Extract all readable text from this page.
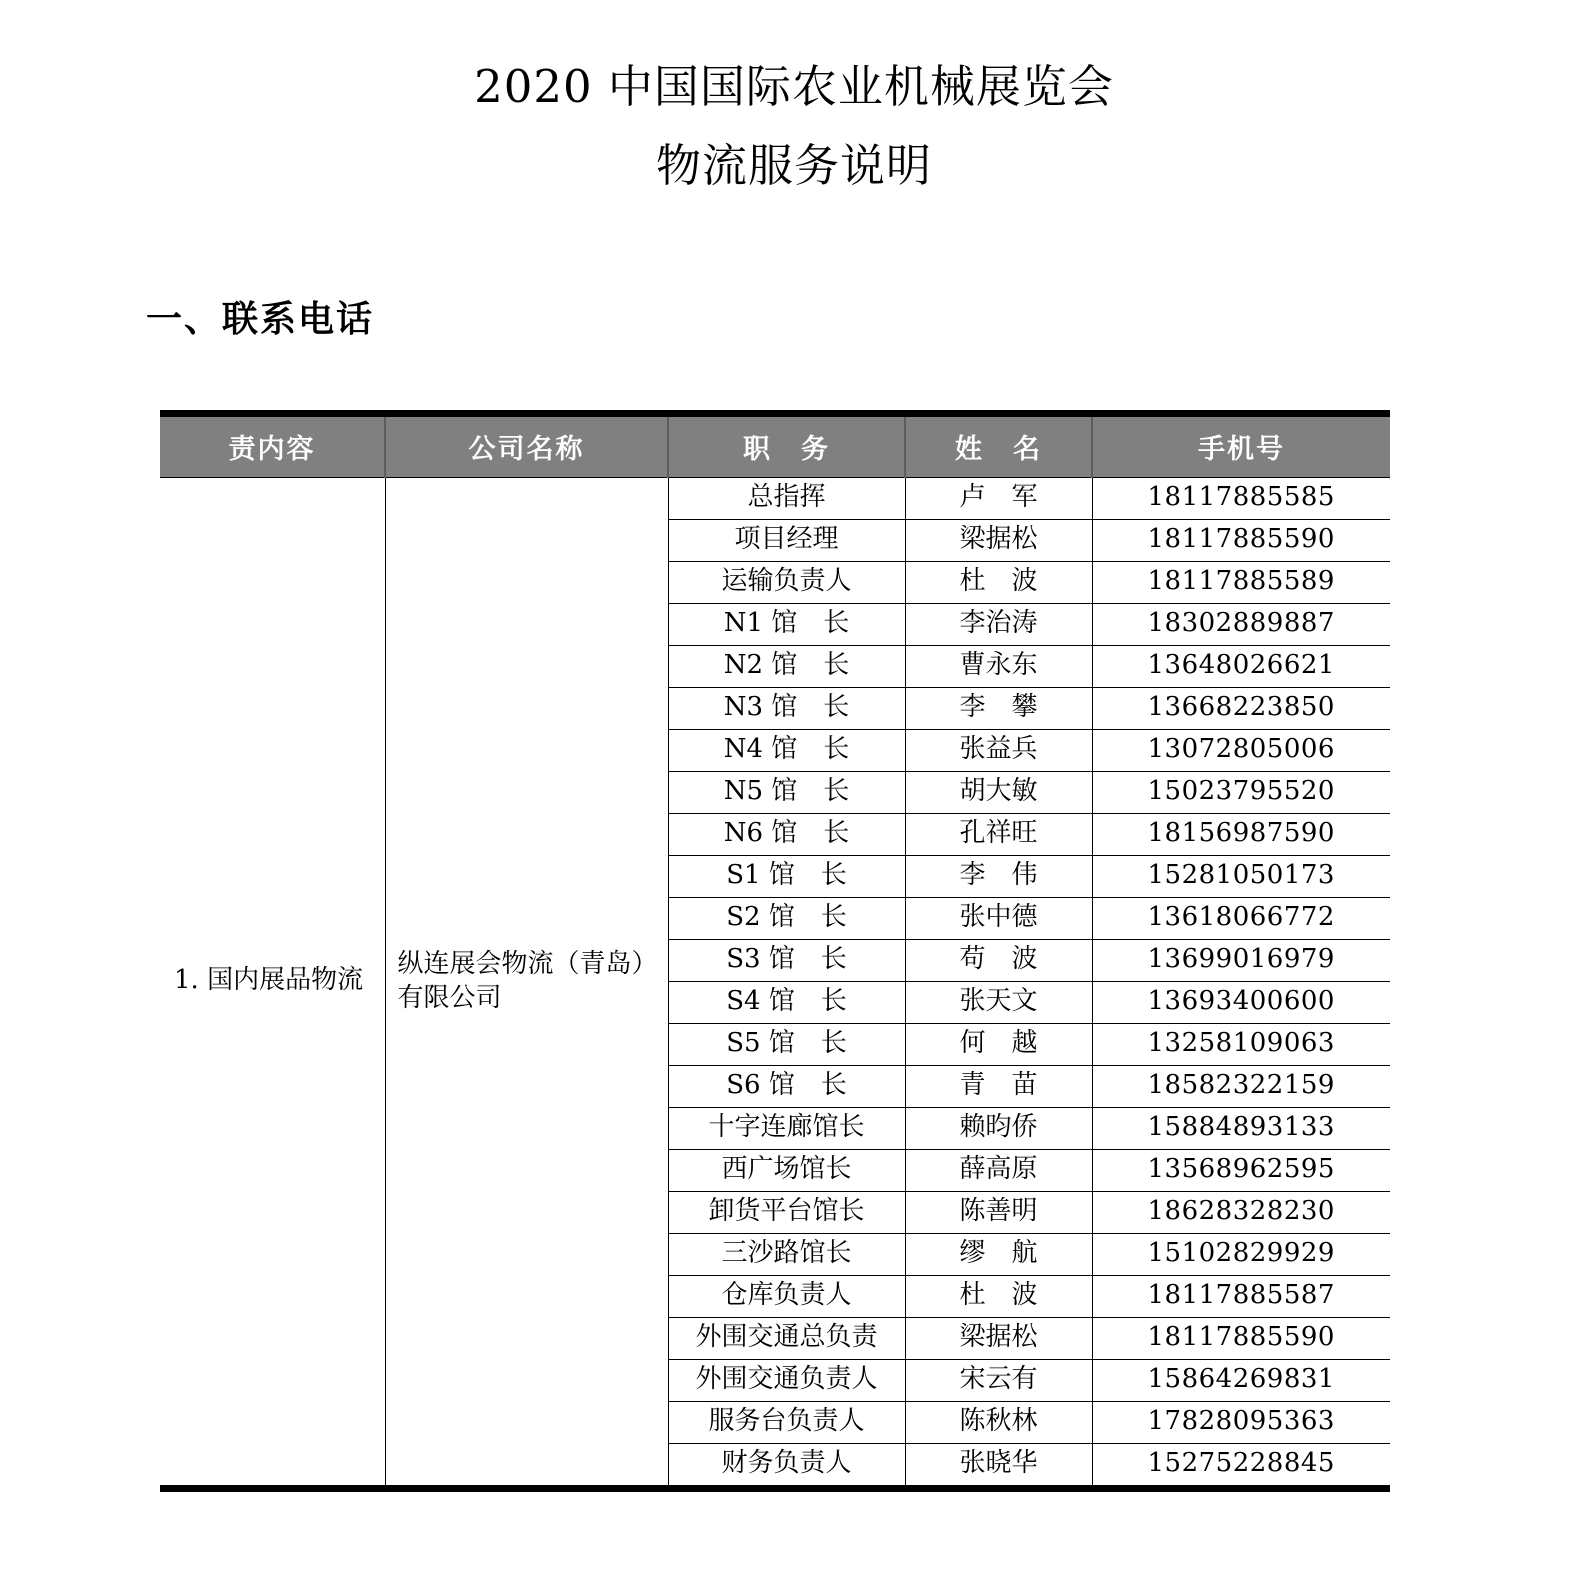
2020 中国国际农业机械展览会
物流服务说明
一、联系电话
责内容	公司名称	职　务	姓　名	手机号
1. 国内展品物流	纵连展会物流（青岛）有限公司	总指挥	卢　军	18117885585
		项目经理	梁据松	18117885590
		运输负责人	杜　波	18117885589
		N1 馆　长	李治涛	18302889887
		N2 馆　长	曹永东	13648026621
		N3 馆　长	李　攀	13668223850
		N4 馆　长	张益兵	13072805006
		N5 馆　长	胡大敏	15023795520
		N6 馆　长	孔祥旺	18156987590
		S1 馆　长	李　伟	15281050173
		S2 馆　长	张中德	13618066772
		S3 馆　长	苟　波	13699016979
		S4 馆　长	张天文	13693400600
		S5 馆　长	何　越	13258109063
		S6 馆　长	青　苗	18582322159
		十字连廊馆长	赖昀侨	15884893133
		西广场馆长	薛高原	13568962595
		卸货平台馆长	陈善明	18628328230
		三沙路馆长	缪　航	15102829929
		仓库负责人	杜　波	18117885587
		外围交通总负责	梁据松	18117885590
		外围交通负责人	宋云有	15864269831
		服务台负责人	陈秋林	17828095363
		财务负责人	张晓华	15275228845
